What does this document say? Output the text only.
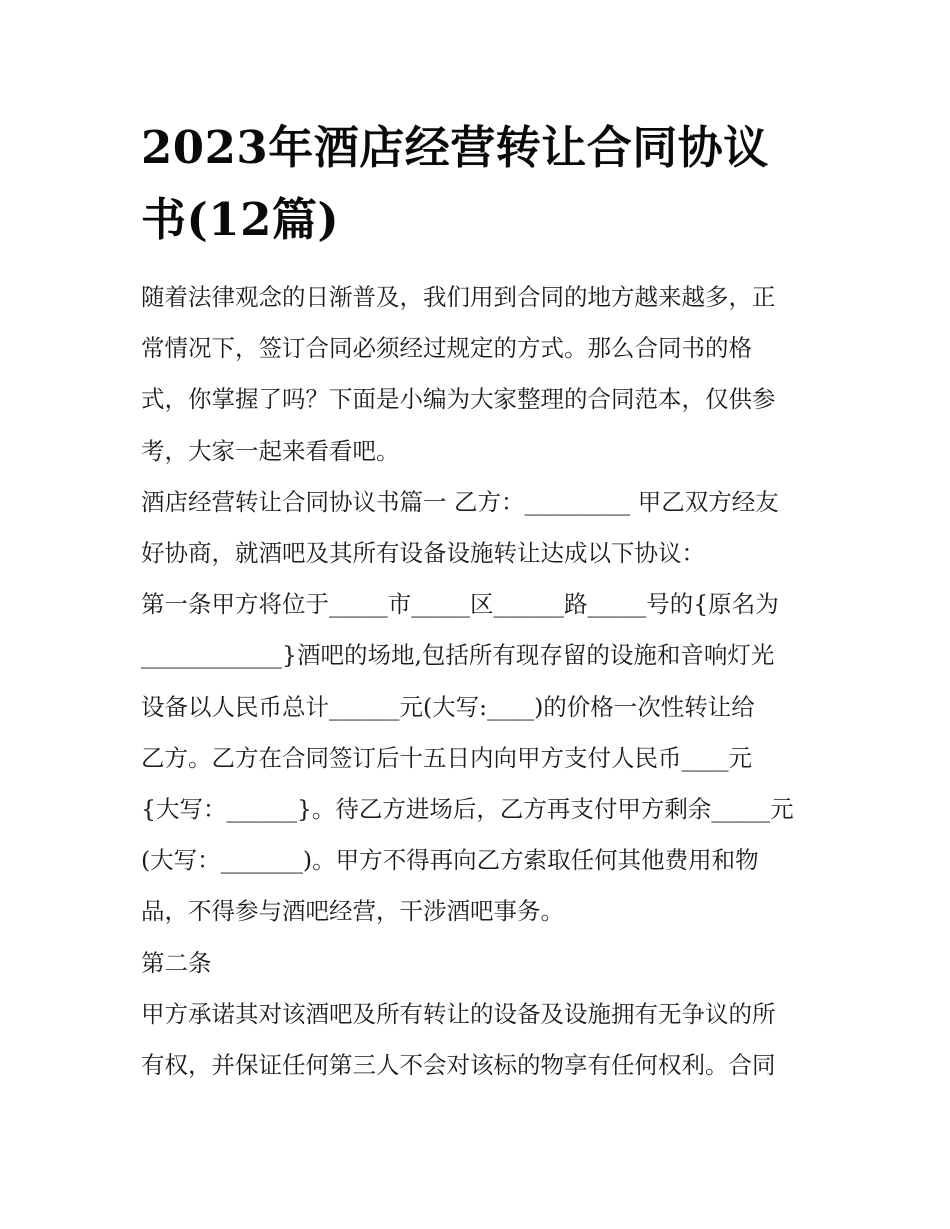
2023年酒店经营转让合同协议
书(12篇)

随着法律观念的日渐普及，我们用到合同的地方越来越多，正
常情况下，签订合同必须经过规定的方式。那么合同书的格
式，你掌握了吗？下面是小编为大家整理的合同范本，仅供参
考，大家一起来看看吧。

酒店经营转让合同协议书篇一 乙方：_________ 甲乙双方经友
好协商，就酒吧及其所有设备设施转让达成以下协议：

第一条甲方将位于_____市_____区______路_____号的{原名为
____________}酒吧的场地,包括所有现存留的设施和音响灯光
设备以人民币总计______元(大写:____)的价格一次性转让给
乙方。乙方在合同签订后十五日内向甲方支付人民币____元
{大写：______}。待乙方进场后，乙方再支付甲方剩余_____元
(大写：_______)。甲方不得再向乙方索取任何其他费用和物
品，不得参与酒吧经营，干涉酒吧事务。

第二条

甲方承诺其对该酒吧及所有转让的设备及设施拥有无争议的所
有权，并保证任何第三人不会对该标的物享有任何权利。合同
